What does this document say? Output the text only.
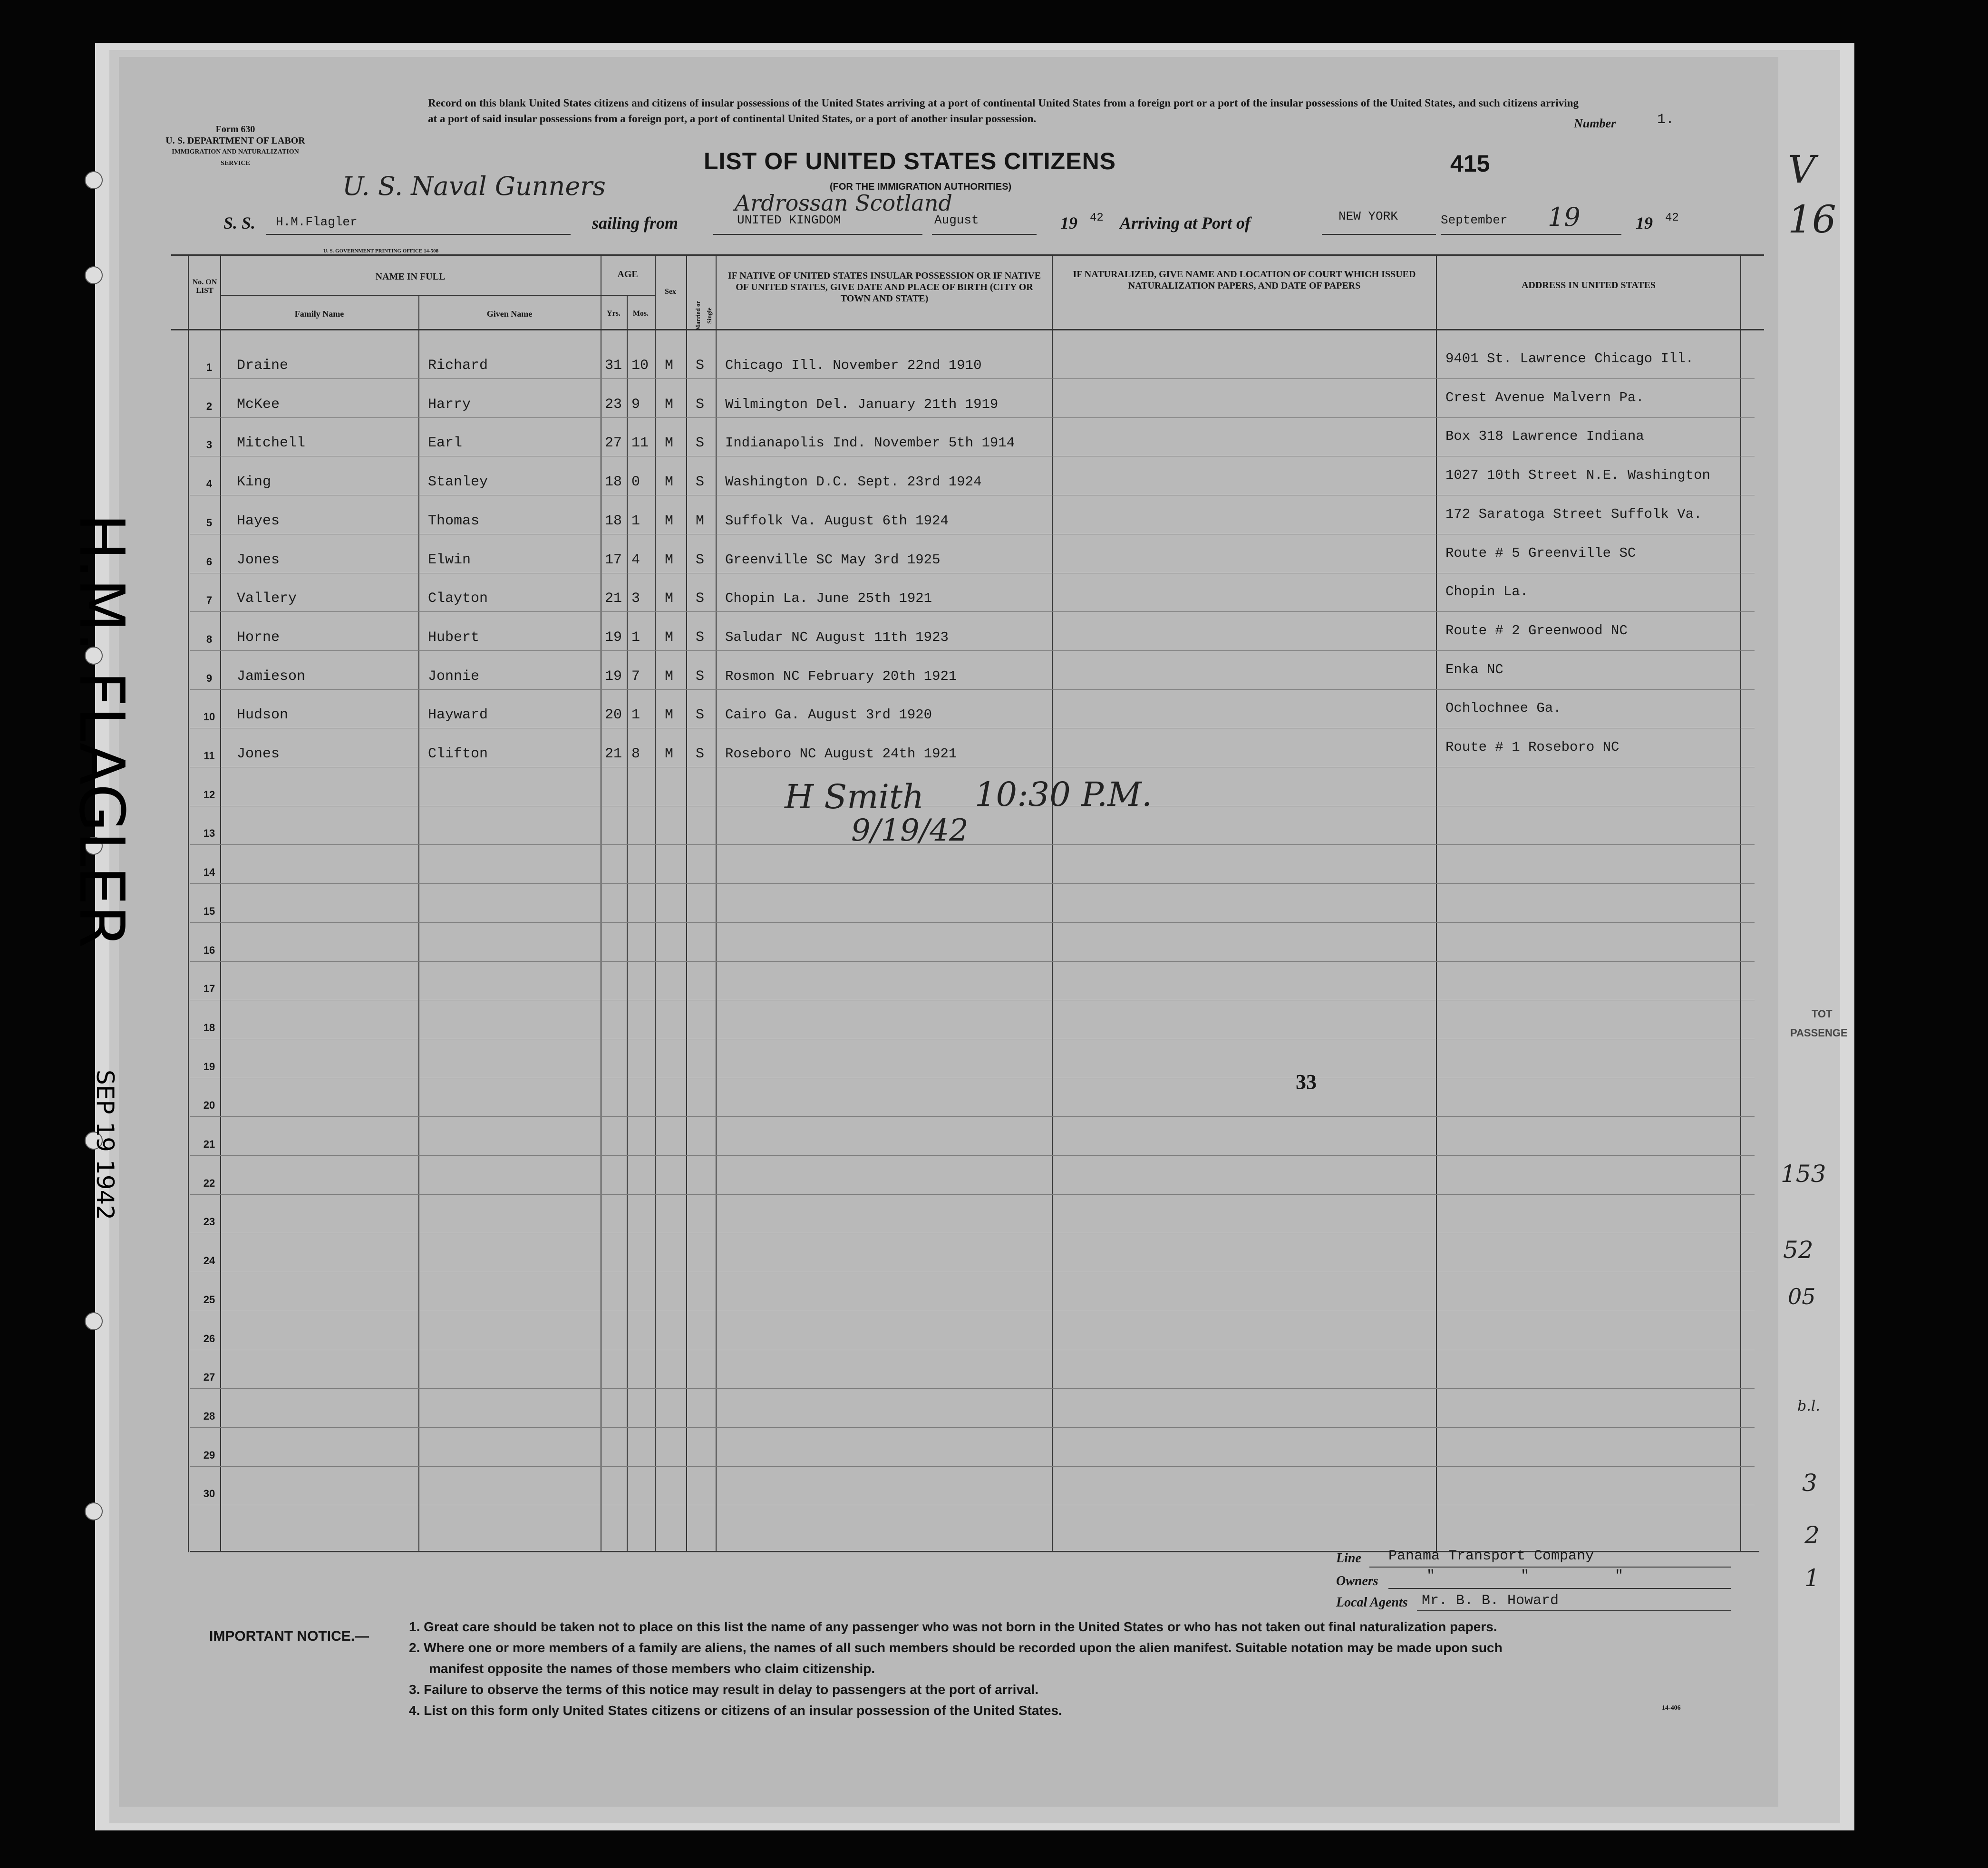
H.M. FLAGLER
SEP 19 1942
Form 630
U. S. DEPARTMENT OF LABOR
IMMIGRATION AND NATURALIZATION SERVICE
Record on this blank United States citizens and citizens of insular possessions of the United States arriving at a port of continental United States from a foreign port or a port of the insular possessions of the United States, and such citizens arriving at a port of said insular possessions from a foreign port, a port of continental United States, or a port of another insular possession.	Number	1.
LIST OF UNITED STATES CITIZENS
(FOR THE IMMIGRATION AUTHORITIES)
415
U. S. Naval Gunners
Ardrossan Scotland
S. S. H.M.Flagler	sailing from	UNITED KINGDOM	August	19 42 Arriving at Port of	NEW YORK	September 19	19 42
U. S. GOVERNMENT PRINTING OFFICE 14-508
No. ON LIST
NAME IN FULL
Family Name	Given Name
AGE
Yrs.	Mos.
Sex
Married or Single
IF NATIVE OF UNITED STATES INSULAR POSSESSION OR IF NATIVE OF UNITED STATES, GIVE DATE AND PLACE OF BIRTH (CITY OR TOWN AND STATE)
IF NATURALIZED, GIVE NAME AND LOCATION OF COURT WHICH ISSUED NATURALIZATION PAPERS, AND DATE OF PAPERS	ADDRESS IN UNITED STATES
12
13
14
15
16
17
18
19
20
21
22
23
24
25
26
27
28
29
30
1	Draine	Richard	31 10 M S Chicago Ill. November 22nd 1910	9401 St. Lawrence Chicago Ill.
2	McKee	Harry	23 9 M S Wilmington Del. January 21th 1919	Crest Avenue Malvern Pa.
3	Mitchell	Earl	27 11 M S Indianapolis Ind. November 5th 1914	Box 318 Lawrence Indiana
4	King	Stanley	18 0 M S Washington D.C. Sept. 23rd 1924	1027 10th Street N.E. Washington
5	Hayes	Thomas	18 1 M M Suffolk Va. August 6th 1924	172 Saratoga Street Suffolk Va.
6	Jones	Elwin	17 4 M S Greenville SC May 3rd 1925	Route # 5 Greenville SC
7	Vallery	Clayton	21 3 M S Chopin La. June 25th 1921	Chopin La.
8	Horne	Hubert	19 1 M S Saludar NC August 11th 1923	Route # 2 Greenwood NC
9	Jamieson	Jonnie	19 7 M S Rosmon NC February 20th 1921	Enka NC
10	Hudson	Hayward	20 1 M S Cairo Ga. August 3rd 1920	Ochlochnee Ga.
11	Jones	Clifton	21 8 M S Roseboro NC August 24th 1921	Route # 1 Roseboro NC
H Smith 10:30 P.M.
9/19/42
33
Line Panama Transport Company
Owners	"          "          "
Local Agents Mr. B. B. Howard
IMPORTANT NOTICE.—
1. Great care should be taken not to place on this list the name of any passenger who was not born in the United States or who has not taken out final naturalization papers.
2. Where one or more members of a family are aliens, the names of all such members should be recorded upon the alien manifest. Suitable notation may be made upon such
manifest opposite the names of those members who claim citizenship.
3. Failure to observe the terms of this notice may result in delay to passengers at the port of arrival.
4. List on this form only United States citizens or citizens of an insular possession of the United States.	14-406
V
16
TOT
PASSENGE
153
52
05
b.l.
3
2
1
